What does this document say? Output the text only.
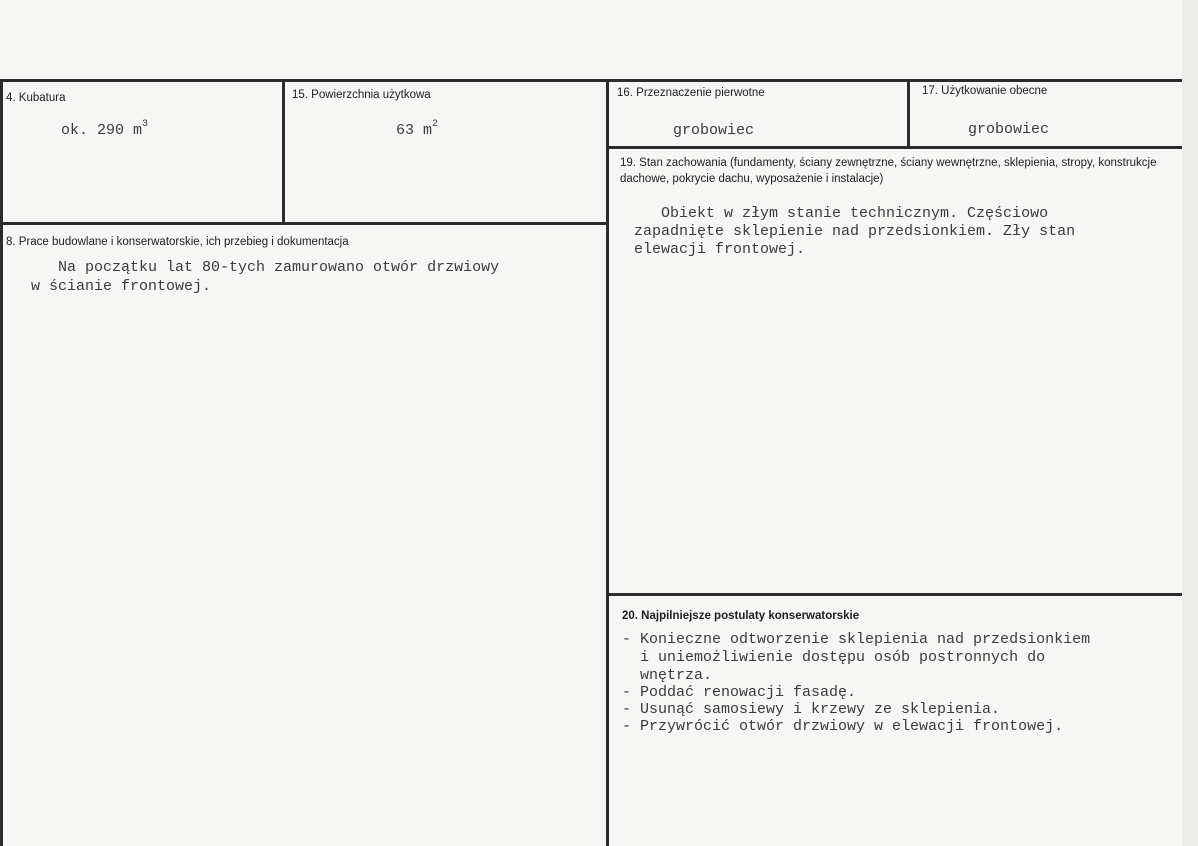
4. Kubatura
ok. 290 $m^3$
15. Powierzchnia użytkowa
63 $m^2$
16. Przeznaczenie pierwotne
grobowiec
17. Użytkowanie obecne
grobowiec
8. Prace budowlane i konserwatorskie, ich przebieg i dokumentacja
Na początku lat 80-tych zamurowano otwór drzwiowy
w ścianie frontowej.
19. Stan zachowania (fundamenty, ściany zewnętrzne, ściany wewnętrzne, sklepienia, stropy, konstrukcje dachowe, pokrycie dachu, wyposażenie i instalacje)
Obiekt w złym stanie technicznym. Częściowo
zapadnięte sklepienie nad przedsionkiem. Zły stan
elewacji frontowej.
20. Najpilniejsze postulaty konserwatorskie
- Konieczne odtworzenie sklepienia nad przedsionkiem
i uniemożliwienie dostępu osób postronnych do
wnętrza.
- Poddać renowacji fasadę.
- Usunąć samosiewy i krzewy ze sklepienia.
- Przywrócić otwór drzwiowy w elewacji frontowej.
